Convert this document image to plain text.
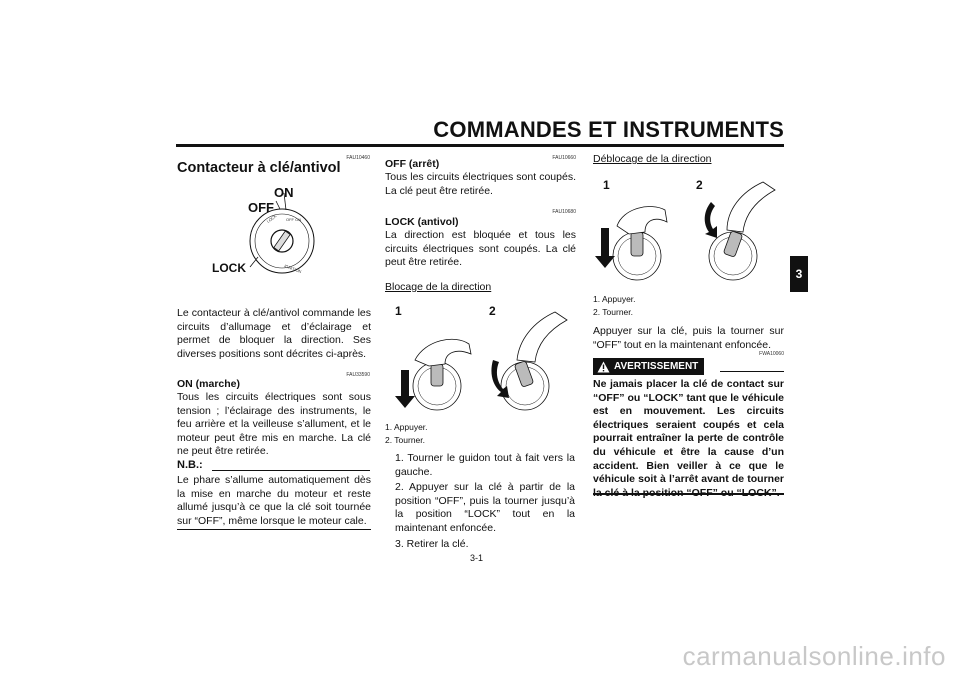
COMMANDES ET INSTRUMENTS
3
FAU10460
Contacteur à clé/antivol
LOCK OFF ON
IGNITION
ON
OFF
LOCK
Le contacteur à clé/antivol commande les circuits d’allumage et d’éclairage et permet de bloquer la direction. Ses diverses positions sont décrites ci-après.
FAU33590
ON (marche)
Tous les circuits électriques sont sous tension ; l’éclairage des instruments, le feu arrière et la veilleuse s’allument, et le moteur peut être mis en marche. La clé ne peut être retirée.
N.B.:
Le phare s’allume automatiquement dès la mise en marche du moteur et reste allumé jusqu’à ce que la clé soit tournée sur “OFF”, même lorsque le moteur cale.
FAU10660
OFF (arrêt)
Tous les circuits électriques sont coupés. La clé peut être retirée.
FAU10680
LOCK (antivol)
La direction est bloquée et tous les circuits électriques sont coupés. La clé peut être retirée.
Blocage de la direction
1	2
1. Appuyer.
2. Tourner.
1. Tourner le guidon tout à fait vers la gauche.
2. Appuyer sur la clé à partir de la position “OFF”, puis la tourner jusqu’à la position “LOCK” tout en la maintenant enfoncée.
3. Retirer la clé.
3-1
Déblocage de la direction
1	2
1. Appuyer.
2. Tourner.
Appuyer sur la clé, puis la tourner sur “OFF” tout en la maintenant enfoncée.
FWA10060
AVERTISSEMENT
Ne jamais placer la clé de contact sur “OFF” ou “LOCK” tant que le véhicule est en mouvement. Les circuits électriques seraient coupés et cela pourrait entraîner la perte de contrôle du véhicule et être la cause d’un accident. Bien veiller à ce que le véhicule soit à l’arrêt avant de tourner
carmanualsonline.info
